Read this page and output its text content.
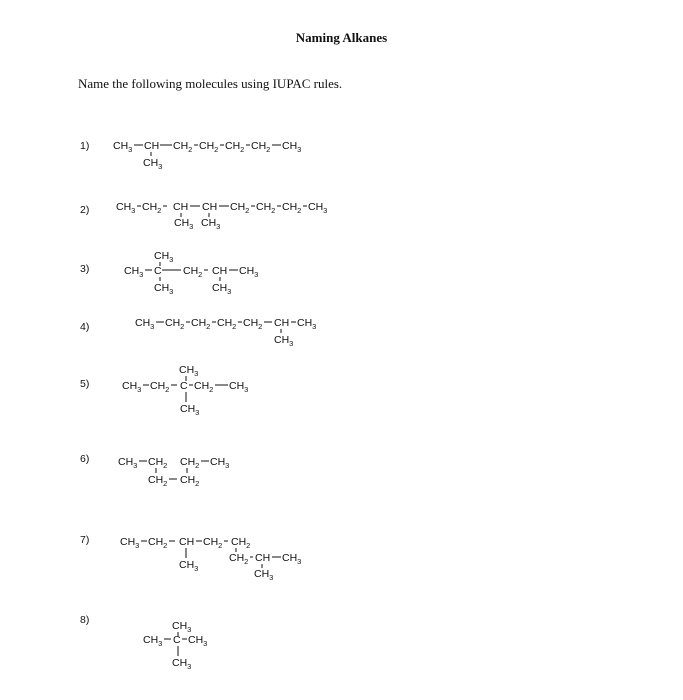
Naming Alkanes
Name the following molecules using IUPAC rules.
1)
2)
3)
4)
5)
6)
7)
8)
$CH_3$ CH $CH_2$ $CH_2$ $CH_2$ $CH_2$ $CH_3$
$CH_3$
$CH_3$ $CH_2$ CH CH $CH_2$ $CH_2$ $CH_2$ $CH_3$
$CH_3$ $CH_3$
$CH_3$
$CH_3$ C $CH_2$ CH $CH_3$
$CH_3$	$CH_3$
$CH_3$ $CH_2$ $CH_2$ $CH_2$ $CH_2$ CH $CH_3$
$CH_3$
$CH_3$
$CH_3$ $CH_2$ C $CH_2$ $CH_3$
$CH_3$
$CH_3$ $CH_2$ $CH_2$ $CH_3$
$CH_2$ $CH_2$
$CH_3$ $CH_2$ CH $CH_2$ $CH_2$
$CH_3$
$CH_2$ CH $CH_3$
$CH_3$
$CH_3$
$CH_3$ C $CH_3$
$CH_3$
